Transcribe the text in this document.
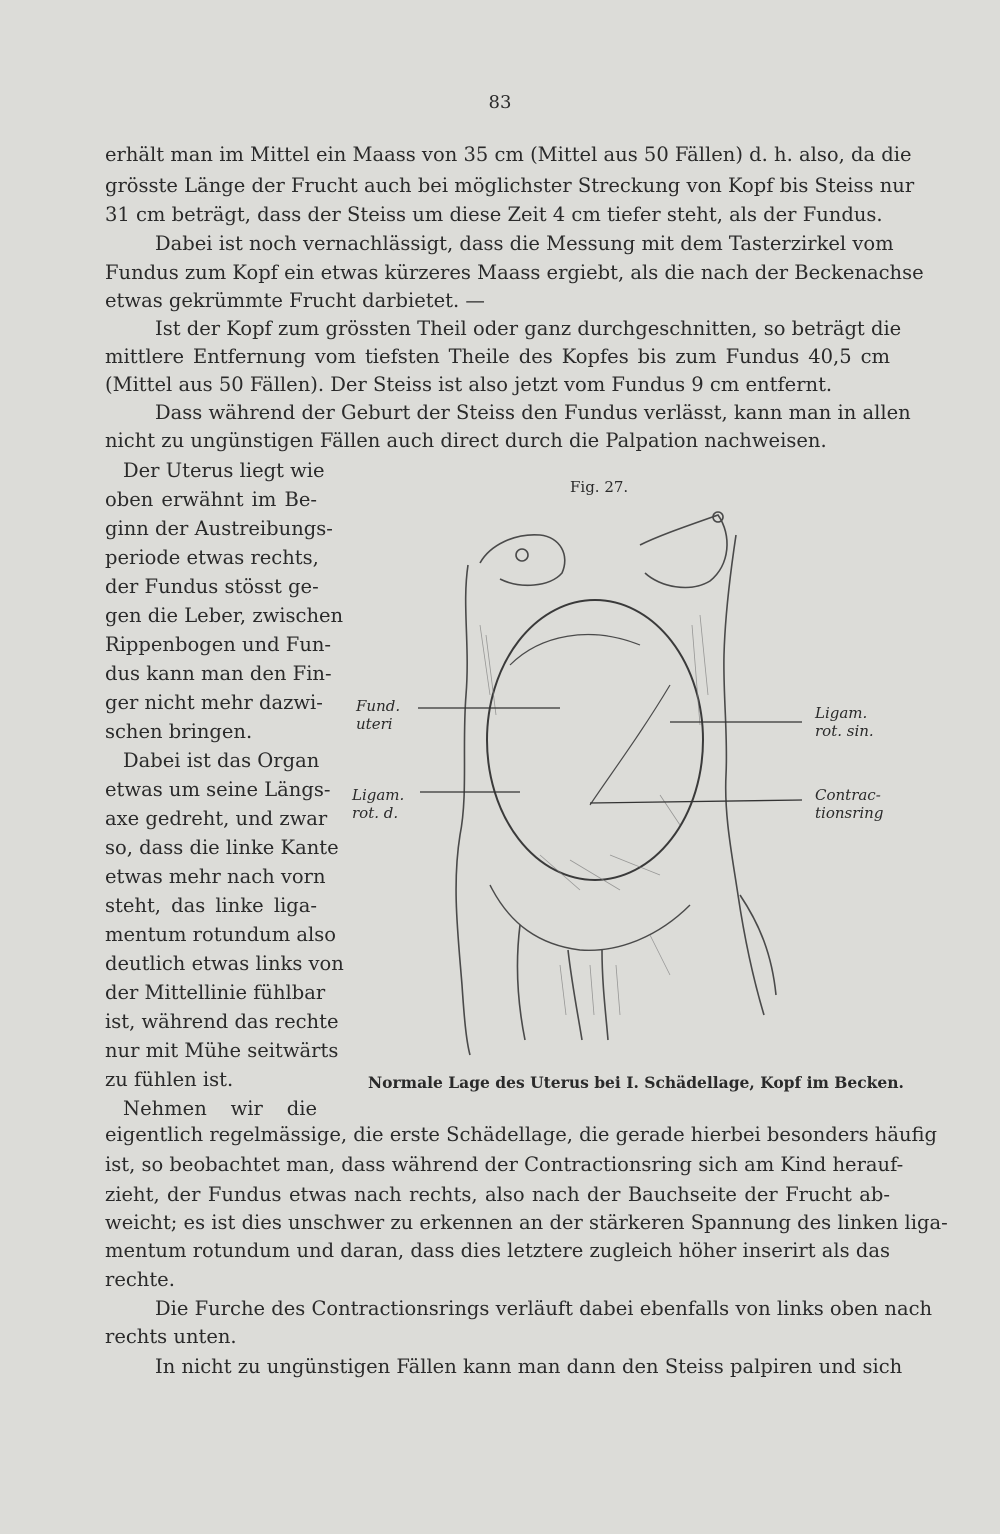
83
erhält man im Mittel ein Maass von 35 cm (Mittel aus 50 Fällen) d. h. also, da die
grösste Länge der Frucht auch bei möglichster Streckung von Kopf bis Steiss nur
31 cm beträgt, dass der Steiss um diese Zeit 4 cm tiefer steht, als der Fundus.
Dabei ist noch vernachlässigt, dass die Messung mit dem Tasterzirkel vom
Fundus zum Kopf ein etwas kürzeres Maass ergiebt, als die nach der Beckenachse
etwas gekrümmte Frucht darbietet. —
Ist der Kopf zum grössten Theil oder ganz durchgeschnitten, so beträgt die
mittlere Entfernung vom tiefsten Theile des Kopfes bis zum Fundus 40,5 cm
(Mittel aus 50 Fällen). Der Steiss ist also jetzt vom Fundus 9 cm entfernt.
Dass während der Geburt der Steiss den Fundus verlässt, kann man in allen
nicht zu ungünstigen Fällen auch direct durch die Palpation nachweisen.
Der Uterus liegt wie
oben erwähnt im Be-
ginn der Austreibungs-
periode etwas rechts,
der Fundus stösst ge-
gen die Leber, zwischen
Rippenbogen und Fun-
dus kann man den Fin-
ger nicht mehr dazwi-
schen bringen.
Dabei ist das Organ
etwas um seine Längs-
axe gedreht, und zwar
so, dass die linke Kante
etwas mehr nach vorn
steht, das linke liga-
mentum rotundum also
deutlich etwas links von
der Mittellinie fühlbar
ist, während das rechte
nur mit Mühe seitwärts
zu fühlen ist.
Nehmen wir die
Fig. 27.
Fund.
uteri
Ligam.
rot. d.
Ligam.
rot. sin.
Contrac-
tionsring
Normale Lage des Uterus bei I. Schädellage, Kopf im Becken.
eigentlich regelmässige, die erste Schädellage, die gerade hierbei besonders häufig
ist, so beobachtet man, dass während der Contractionsring sich am Kind herauf-
zieht, der Fundus etwas nach rechts, also nach der Bauchseite der Frucht ab-
weicht; es ist dies unschwer zu erkennen an der stärkeren Spannung des linken liga-
mentum rotundum und daran, dass dies letztere zugleich höher inserirt als das
rechte.
Die Furche des Contractionsrings verläuft dabei ebenfalls von links oben nach
rechts unten.
In nicht zu ungünstigen Fällen kann man dann den Steiss palpiren und sich
